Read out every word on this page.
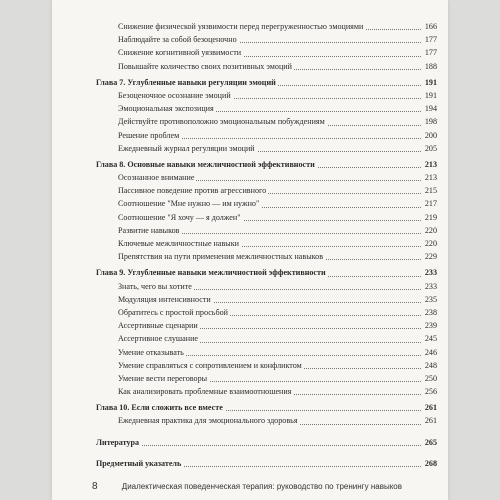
Снижение физической уязвимости перед перегруженностью эмоциями	166
Наблюдайте за собой безоценочно	177
Снижение когнитивной уязвимости	177
Повышайте количество своих позитивных эмоций	188
Глава 7. Углубленные навыки регуляции эмоций	191
Безоценочное осознание эмоций	191
Эмоциональная экспозиция	194
Действуйте противоположно эмоциональным побуждениям	198
Решение проблем	200
Ежедневный журнал регуляции эмоций	205
Глава 8. Основные навыки межличностной эффективности	213
Осознанное внимание	213
Пассивное поведение против агрессивного	215
Соотношение "Мне нужно — им нужно"	217
Соотношение "Я хочу — я должен"	219
Развитие навыков	220
Ключевые межличностные навыки	220
Препятствия на пути применения межличностных навыков	229
Глава 9. Углубленные навыки межличностной эффективности	233
Знать, чего вы хотите	233
Модуляция интенсивности	235
Обратитесь с простой просьбой	238
Ассертивные сценарии	239
Ассертивное слушание	245
Умение отказывать	246
Умение справляться с сопротивлением и конфликтом	248
Умение вести переговоры	250
Как анализировать проблемные взаимоотношения	256
Глава 10. Если сложить все вместе	261
Ежедневная практика для эмоционального здоровья	261
Литература	265
Предметный указатель	268
8	Диалектическая поведенческая терапия: руководство по тренингу навыков
